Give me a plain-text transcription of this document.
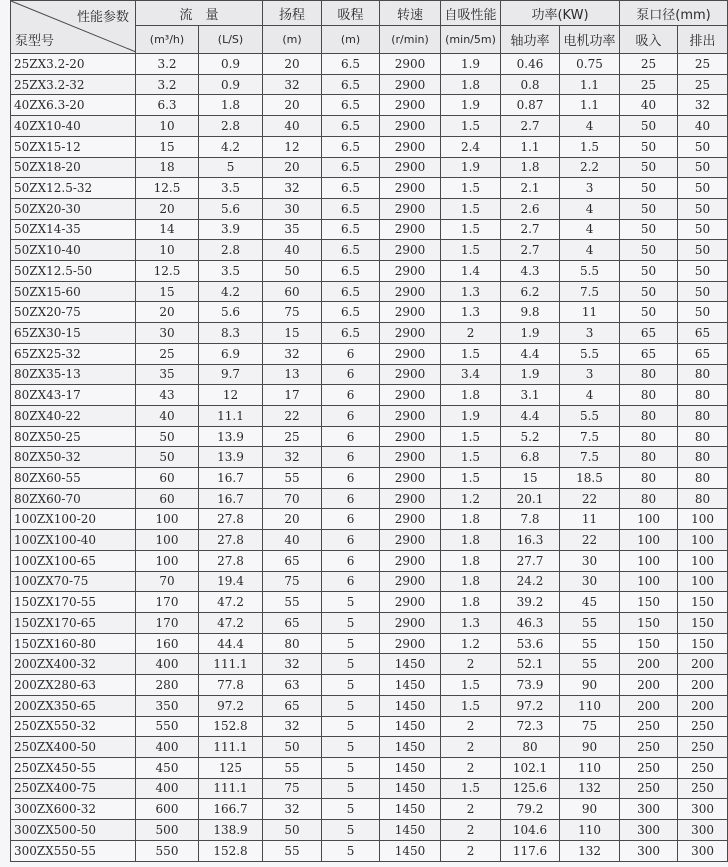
性能参数
泵型号	流　量		扬程	吸程	转速	自吸性能	功率(KW)		泵口径(mm)	
	(m³/h)	(L/S)	(m)	(m)	(r/min)	(min/5m)	轴功率	电机功率	吸入	排出
25ZX3.2-20	3.2	0.9	20	6.5	2900	1.9	0.46	0.75	25	25
25ZX3.2-32	3.2	0.9	32	6.5	2900	1.8	0.8	1.1	25	25
40ZX6.3-20	6.3	1.8	20	6.5	2900	1.9	0.87	1.1	40	32
40ZX10-40	10	2.8	40	6.5	2900	1.5	2.7	4	50	40
50ZX15-12	15	4.2	12	6.5	2900	2.4	1.1	1.5	50	50
50ZX18-20	18	5	20	6.5	2900	1.9	1.8	2.2	50	50
50ZX12.5-32	12.5	3.5	32	6.5	2900	1.5	2.1	3	50	50
50ZX20-30	20	5.6	30	6.5	2900	1.5	2.6	4	50	50
50ZX14-35	14	3.9	35	6.5	2900	1.5	2.7	4	50	50
50ZX10-40	10	2.8	40	6.5	2900	1.5	2.7	4	50	50
50ZX12.5-50	12.5	3.5	50	6.5	2900	1.4	4.3	5.5	50	50
50ZX15-60	15	4.2	60	6.5	2900	1.3	6.2	7.5	50	50
50ZX20-75	20	5.6	75	6.5	2900	1.3	9.8	11	50	50
65ZX30-15	30	8.3	15	6.5	2900	2	1.9	3	65	65
65ZX25-32	25	6.9	32	6	2900	1.5	4.4	5.5	65	65
80ZX35-13	35	9.7	13	6	2900	3.4	1.9	3	80	80
80ZX43-17	43	12	17	6	2900	1.8	3.1	4	80	80
80ZX40-22	40	11.1	22	6	2900	1.9	4.4	5.5	80	80
80ZX50-25	50	13.9	25	6	2900	1.5	5.2	7.5	80	80
80ZX50-32	50	13.9	32	6	2900	1.5	6.8	7.5	80	80
80ZX60-55	60	16.7	55	6	2900	1.5	15	18.5	80	80
80ZX60-70	60	16.7	70	6	2900	1.2	20.1	22	80	80
100ZX100-20	100	27.8	20	6	2900	1.8	7.8	11	100	100
100ZX100-40	100	27.8	40	6	2900	1.8	16.3	22	100	100
100ZX100-65	100	27.8	65	6	2900	1.8	27.7	30	100	100
100ZX70-75	70	19.4	75	6	2900	1.8	24.2	30	100	100
150ZX170-55	170	47.2	55	5	2900	1.8	39.2	45	150	150
150ZX170-65	170	47.2	65	5	2900	1.3	46.3	55	150	150
150ZX160-80	160	44.4	80	5	2900	1.2	53.6	55	150	150
200ZX400-32	400	111.1	32	5	1450	2	52.1	55	200	200
200ZX280-63	280	77.8	63	5	1450	1.5	73.9	90	200	200
200ZX350-65	350	97.2	65	5	1450	1.5	97.2	110	200	200
250ZX550-32	550	152.8	32	5	1450	2	72.3	75	250	250
250ZX400-50	400	111.1	50	5	1450	2	80	90	250	250
250ZX450-55	450	125	55	5	1450	2	102.1	110	250	250
250ZX400-75	400	111.1	75	5	1450	1.5	125.6	132	250	250
300ZX600-32	600	166.7	32	5	1450	2	79.2	90	300	300
300ZX500-50	500	138.9	50	5	1450	2	104.6	110	300	300
300ZX550-55	550	152.8	55	5	1450	2	117.6	132	300	300
